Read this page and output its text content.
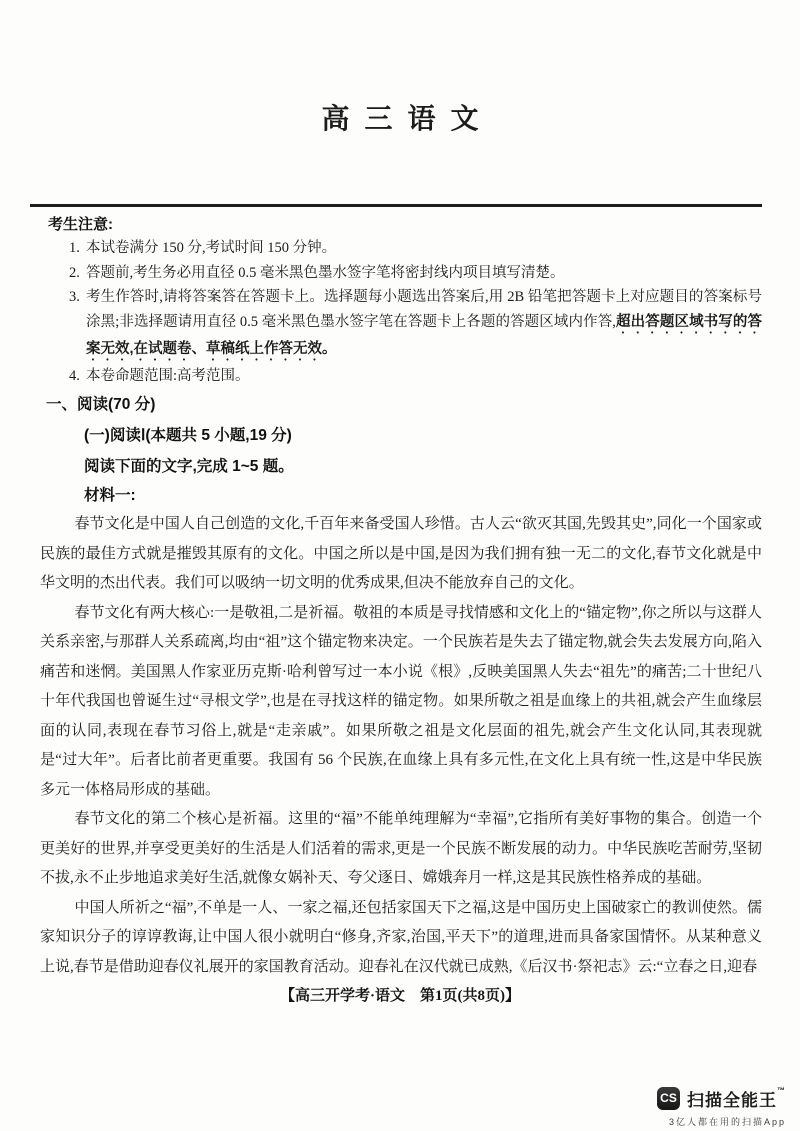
高三语文
考生注意:
1. 本试卷满分 150 分,考试时间 150 分钟。
2. 答题前,考生务必用直径 0.5 毫米黑色墨水签字笔将密封线内项目填写清楚。
3. 考生作答时,请将答案答在答题卡上。选择题每小题选出答案后,用 2B 铅笔把答题卡上对应题目的答案标号涂黑;非选择题请用直径 0.5 毫米黑色墨水签字笔在答题卡上各题的答题区域内作答,超出答题区域书写的答案无效,在试题卷、草稿纸上作答无效。
4. 本卷命题范围:高考范围。
一、阅读(70 分)
(一)阅读Ⅰ(本题共 5 小题,19 分)
阅读下面的文字,完成 1~5 题。
材料一:
春节文化是中国人自己创造的文化,千百年来备受国人珍惜。古人云“欲灭其国,先毁其史”,同化一个国家或民族的最佳方式就是摧毁其原有的文化。中国之所以是中国,是因为我们拥有独一无二的文化,春节文化就是中华文明的杰出代表。我们可以吸纳一切文明的优秀成果,但决不能放弃自己的文化。
春节文化有两大核心:一是敬祖,二是祈福。敬祖的本质是寻找情感和文化上的“锚定物”,你之所以与这群人关系亲密,与那群人关系疏离,均由“祖”这个锚定物来决定。一个民族若是失去了锚定物,就会失去发展方向,陷入痛苦和迷惘。美国黑人作家亚历克斯·哈利曾写过一本小说《根》,反映美国黑人失去“祖先”的痛苦;二十世纪八十年代我国也曾诞生过“寻根文学”,也是在寻找这样的锚定物。如果所敬之祖是血缘上的共祖,就会产生血缘层面的认同,表现在春节习俗上,就是“走亲戚”。如果所敬之祖是文化层面的祖先,就会产生文化认同,其表现就是“过大年”。后者比前者更重要。我国有 56 个民族,在血缘上具有多元性,在文化上具有统一性,这是中华民族多元一体格局形成的基础。
春节文化的第二个核心是祈福。这里的“福”不能单纯理解为“幸福”,它指所有美好事物的集合。创造一个更美好的世界,并享受更美好的生活是人们活着的需求,更是一个民族不断发展的动力。中华民族吃苦耐劳,坚韧不拔,永不止步地追求美好生活,就像女娲补天、夸父逐日、嫦娥奔月一样,这是其民族性格养成的基础。
中国人所祈之“福”,不单是一人、一家之福,还包括家国天下之福,这是中国历史上国破家亡的教训使然。儒家知识分子的谆谆教诲,让中国人很小就明白“修身,齐家,治国,平天下”的道理,进而具备家国情怀。从某种意义上说,春节是借助迎春仪礼展开的家国教育活动。迎春礼在汉代就已成熟,《后汉书·祭祀志》云:“立春之日,迎春
【高三开学考·语文　第1页(共8页)】
CS 扫描全能王™
3亿人都在用的扫描App
